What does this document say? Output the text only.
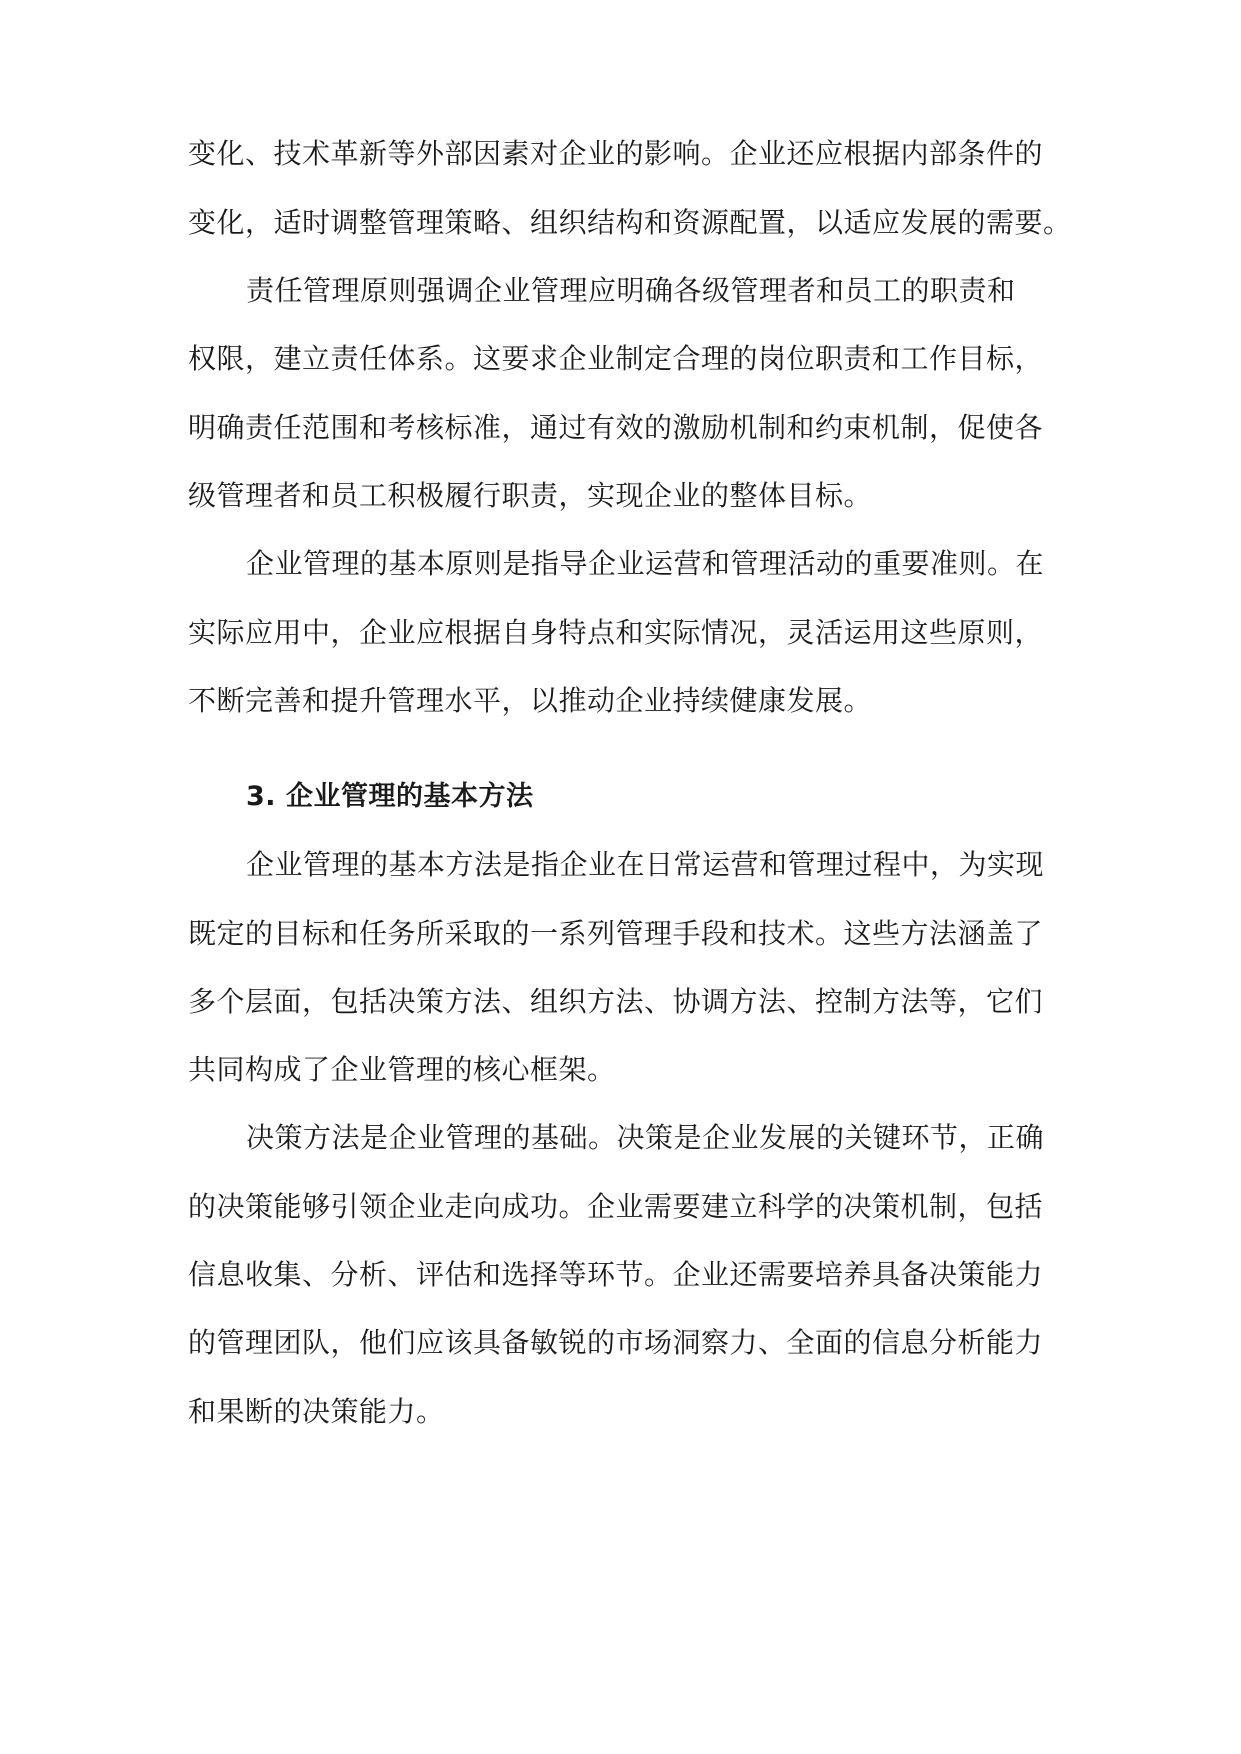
变化、技术革新等外部因素对企业的影响。企业还应根据内部条件的
变化，适时调整管理策略、组织结构和资源配置，以适应发展的需要。
责任管理原则强调企业管理应明确各级管理者和员工的职责和
权限，建立责任体系。这要求企业制定合理的岗位职责和工作目标，
明确责任范围和考核标准，通过有效的激励机制和约束机制，促使各
级管理者和员工积极履行职责，实现企业的整体目标。
企业管理的基本原则是指导企业运营和管理活动的重要准则。在
实际应用中，企业应根据自身特点和实际情况，灵活运用这些原则，
不断完善和提升管理水平，以推动企业持续健康发展。
3. 企业管理的基本方法
企业管理的基本方法是指企业在日常运营和管理过程中，为实现
既定的目标和任务所采取的一系列管理手段和技术。这些方法涵盖了
多个层面，包括决策方法、组织方法、协调方法、控制方法等，它们
共同构成了企业管理的核心框架。
决策方法是企业管理的基础。决策是企业发展的关键环节，正确
的决策能够引领企业走向成功。企业需要建立科学的决策机制，包括
信息收集、分析、评估和选择等环节。企业还需要培养具备决策能力
的管理团队，他们应该具备敏锐的市场洞察力、全面的信息分析能力
和果断的决策能力。
